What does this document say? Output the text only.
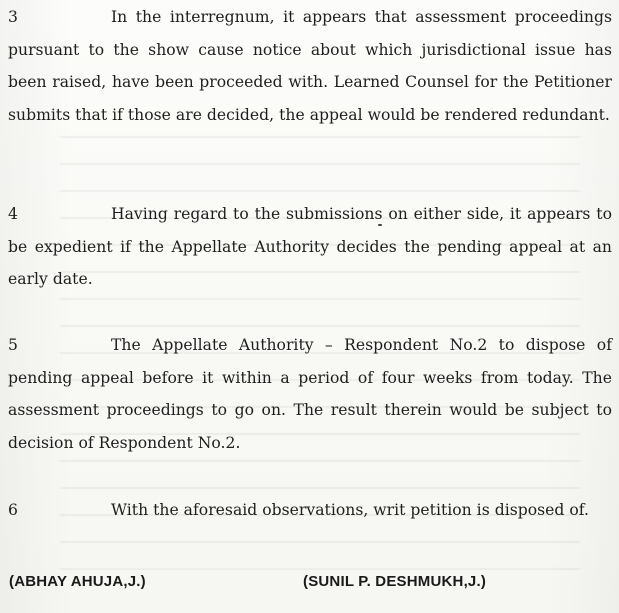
3	In the interregnum, it appears that assessment proceedings pursuant to the show cause notice about which jurisdictional issue has been raised, have been proceeded with. Learned Counsel for the Petitioner submits that if those are decided, the appeal would be rendered redundant.
4	Having regard to the submissions on either side, it appears to be expedient if the Appellate Authority decides the pending appeal at an early date.
5	The Appellate Authority – Respondent No.2 to dispose of pending appeal before it within a period of four weeks from today. The assessment proceedings to go on. The result therein would be subject to decision of Respondent No.2.
6	With the aforesaid observations, writ petition is disposed of.
(ABHAY AHUJA,J.)	(SUNIL P. DESHMUKH,J.)
